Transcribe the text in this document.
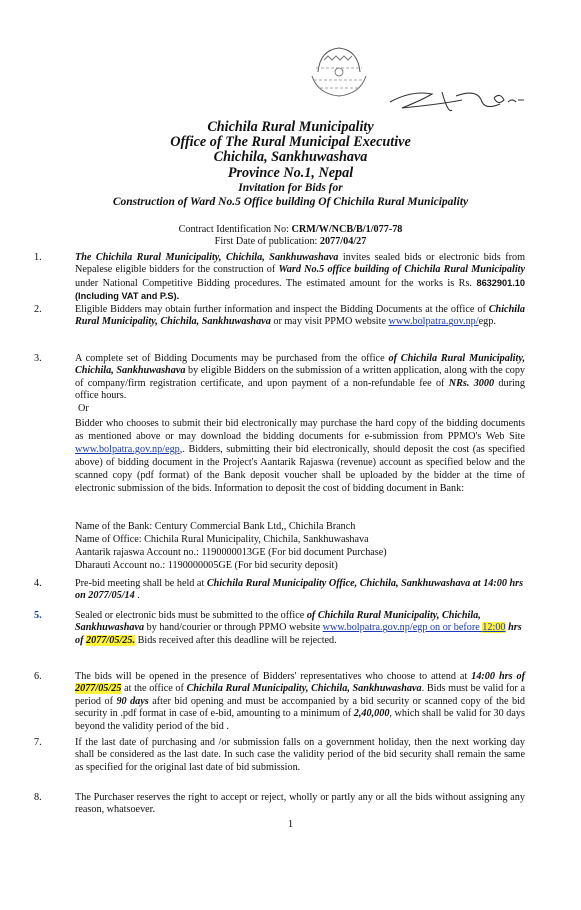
Chichila Rural Municipality
Office of The Rural Municipal Executive
Chichila, Sankhuwashava
Province No.1, Nepal
Invitation for Bids for
Construction of Ward No.5 Office building Of Chichila Rural Municipality
Contract Identification No: CRM/W/NCB/B/1/077-78
First Date of publication: 2077/04/27
1.	The Chichila Rural Municipality, Chichila, Sankhuwashava invites sealed bids or electronic bids from Nepalese eligible bidders for the construction of Ward No.5 office building of Chichila Rural Municipality under National Competitive Bidding procedures. The estimated amount for the works is Rs. 8632901.10 (Including VAT and P.S).
2.	Eligible Bidders may obtain further information and inspect the Bidding Documents at the office of Chichila Rural Municipality, Chichila, Sankhuwashava or may visit PPMO website www.bolpatra.gov.np/egp.
3.	A complete set of Bidding Documents may be purchased from the office of Chichila Rural Municipality, Chichila, Sankhuwashava by eligible Bidders on the submission of a written application, along with the copy of company/firm registration certificate, and upon payment of a non-refundable fee of NRs. 3000 during office hours.
Or
Bidder who chooses to submit their bid electronically may purchase the hard copy of the bidding documents as mentioned above or may download the bidding documents for e-submission from PPMO's Web Site www.bolpatra.gov.np/egp,. Bidders, submitting their bid electronically, should deposit the cost (as specified above) of bidding document in the Project's Aantarik Rajaswa (revenue) account as specified below and the scanned copy (pdf format) of the Bank deposit voucher shall be uploaded by the bidder at the time of electronic submission of the bids. Information to deposit the cost of bidding document in Bank:
Name of the Bank: Century Commercial Bank Ltd,, Chichila Branch
Name of Office: Chichila Rural Municipality, Chichila, Sankhuwashava
Aantarik rajaswa Account no.: 1190000013GE (For bid document Purchase)
Dharauti Account no.: 1190000005GE (For bid security deposit)
4.	Pre-bid meeting shall be held at Chichila Rural Municipality Office, Chichila, Sankhuwashava at 14:00 hrs on 2077/05/14 .
5.	Sealed or electronic bids must be submitted to the office of Chichila Rural Municipality, Chichila, Sankhuwashava by hand/courier or through PPMO website www.bolpatra.gov.np/egp on or before 12:00 hrs of 2077/05/25. Bids received after this deadline will be rejected.
6.	The bids will be opened in the presence of Bidders' representatives who choose to attend at 14:00 hrs of 2077/05/25 at the office of Chichila Rural Municipality, Chichila, Sankhuwashava. Bids must be valid for a period of 90 days after bid opening and must be accompanied by a bid security or scanned copy of the bid security in .pdf format in case of e-bid, amounting to a minimum of 2,40,000, which shall be valid for 30 days beyond the validity period of the bid .
7.	If the last date of purchasing and /or submission falls on a government holiday, then the next working day shall be considered as the last date. In such case the validity period of the bid security shall remain the same as specified for the original last date of bid submission.
8.	The Purchaser reserves the right to accept or reject, wholly or partly any or all the bids without assigning any reason, whatsoever.
1
